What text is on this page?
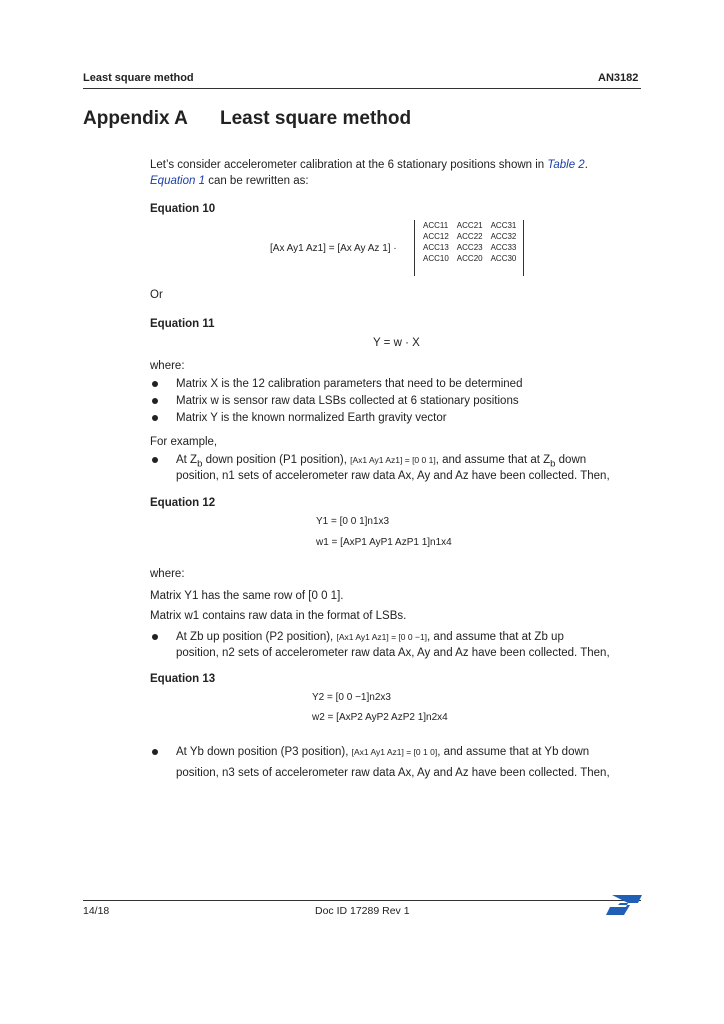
Least square method	AN3182
Appendix A Least square method
Let’s consider accelerometer calibration at the 6 stationary positions shown in Table 2.
Equation 1 can be rewritten as:
Equation 10
[Ax Ay1 Az1] = [Ax Ay Az 1] ·
ACC11	ACC21	ACC31
ACC12	ACC22	ACC32
ACC13	ACC23	ACC33
ACC10	ACC20	ACC30
Or
Equation 11
Y = w · X
where:
Matrix X is the 12 calibration parameters that need to be determined
Matrix w is sensor raw data LSBs collected at 6 stationary positions
Matrix Y is the known normalized Earth gravity vector
For example,
At $Z_b$ down position (P1 position), [Ax1 Ay1 Az1] = [0 0 1], and assume that at $Z_b$ down
position, n1 sets of accelerometer raw data Ax, Ay and Az have been collected. Then,
Equation 12
Y1 = [0 0 1]n1x3
w1 = [AxP1 AyP1 AzP1 1]n1x4
where:
Matrix Y1 has the same row of [0 0 1].
Matrix w1 contains raw data in the format of LSBs.
At Zb up position (P2 position), [Ax1 Ay1 Az1] = [0 0 −1], and assume that at Zb up
position, n2 sets of accelerometer raw data Ax, Ay and Az have been collected. Then,
Equation 13
Y2 = [0 0 −1]n2x3
w2 = [AxP2 AyP2 AzP2 1]n2x4
At Yb down position (P3 position), [Ax1 Ay1 Az1] = [0 1 0], and assume that at Yb down
position, n3 sets of accelerometer raw data Ax, Ay and Az have been collected. Then,
14/18	Doc ID 17289 Rev 1
